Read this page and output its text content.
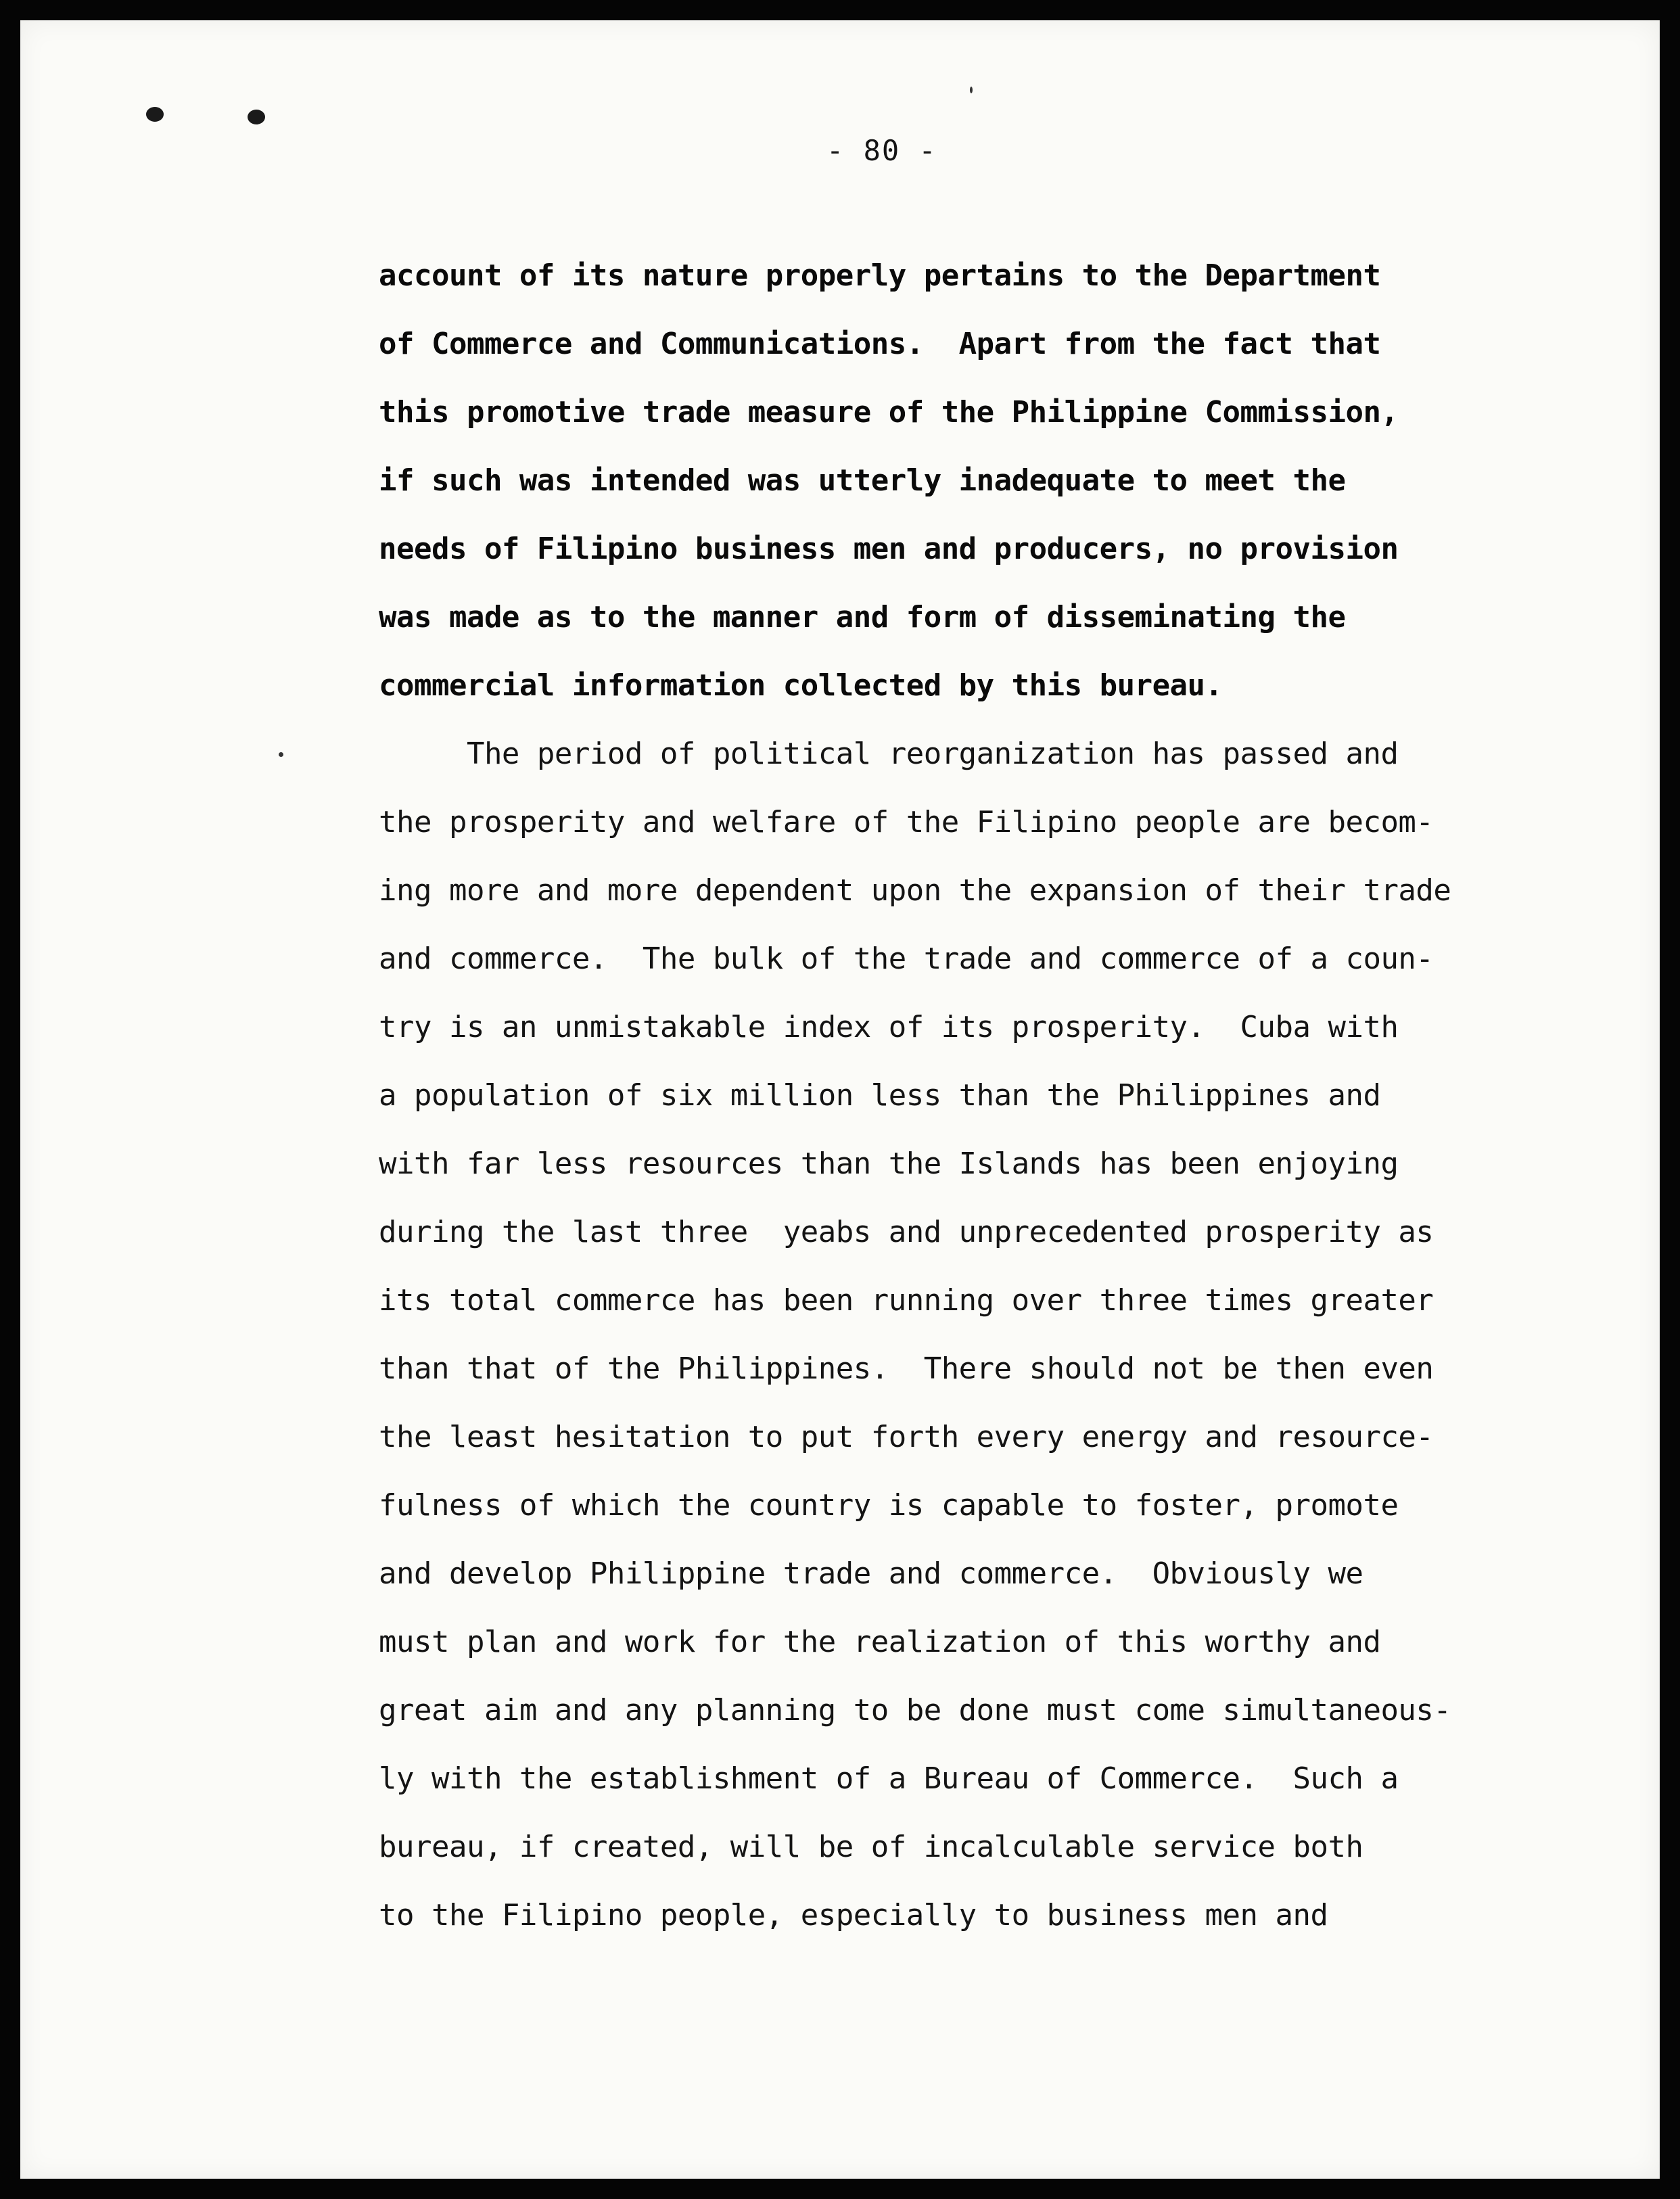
- 80 -
account of its nature properly pertains to the Department
of Commerce and Communications.  Apart from the fact that
this promotive trade measure of the Philippine Commission,
if such was intended was utterly inadequate to meet the
needs of Filipino business men and producers, no provision
was made as to the manner and form of disseminating the
commercial information collected by this bureau.
The period of political reorganization has passed and
the prosperity and welfare of the Filipino people are becom-
ing more and more dependent upon the expansion of their trade
and commerce.  The bulk of the trade and commerce of a coun-
try is an unmistakable index of its prosperity.  Cuba with
a population of six million less than the Philippines and
with far less resources than the Islands has been enjoying
during the last three  yeabs and unprecedented prosperity as
its total commerce has been running over three times greater
than that of the Philippines.  There should not be then even
the least hesitation to put forth every energy and resource-
fulness of which the country is capable to foster, promote
and develop Philippine trade and commerce.  Obviously we
must plan and work for the realization of this worthy and
great aim and any planning to be done must come simultaneous-
ly with the establishment of a Bureau of Commerce.  Such a
bureau, if created, will be of incalculable service both
to the Filipino people, especially to business men and
